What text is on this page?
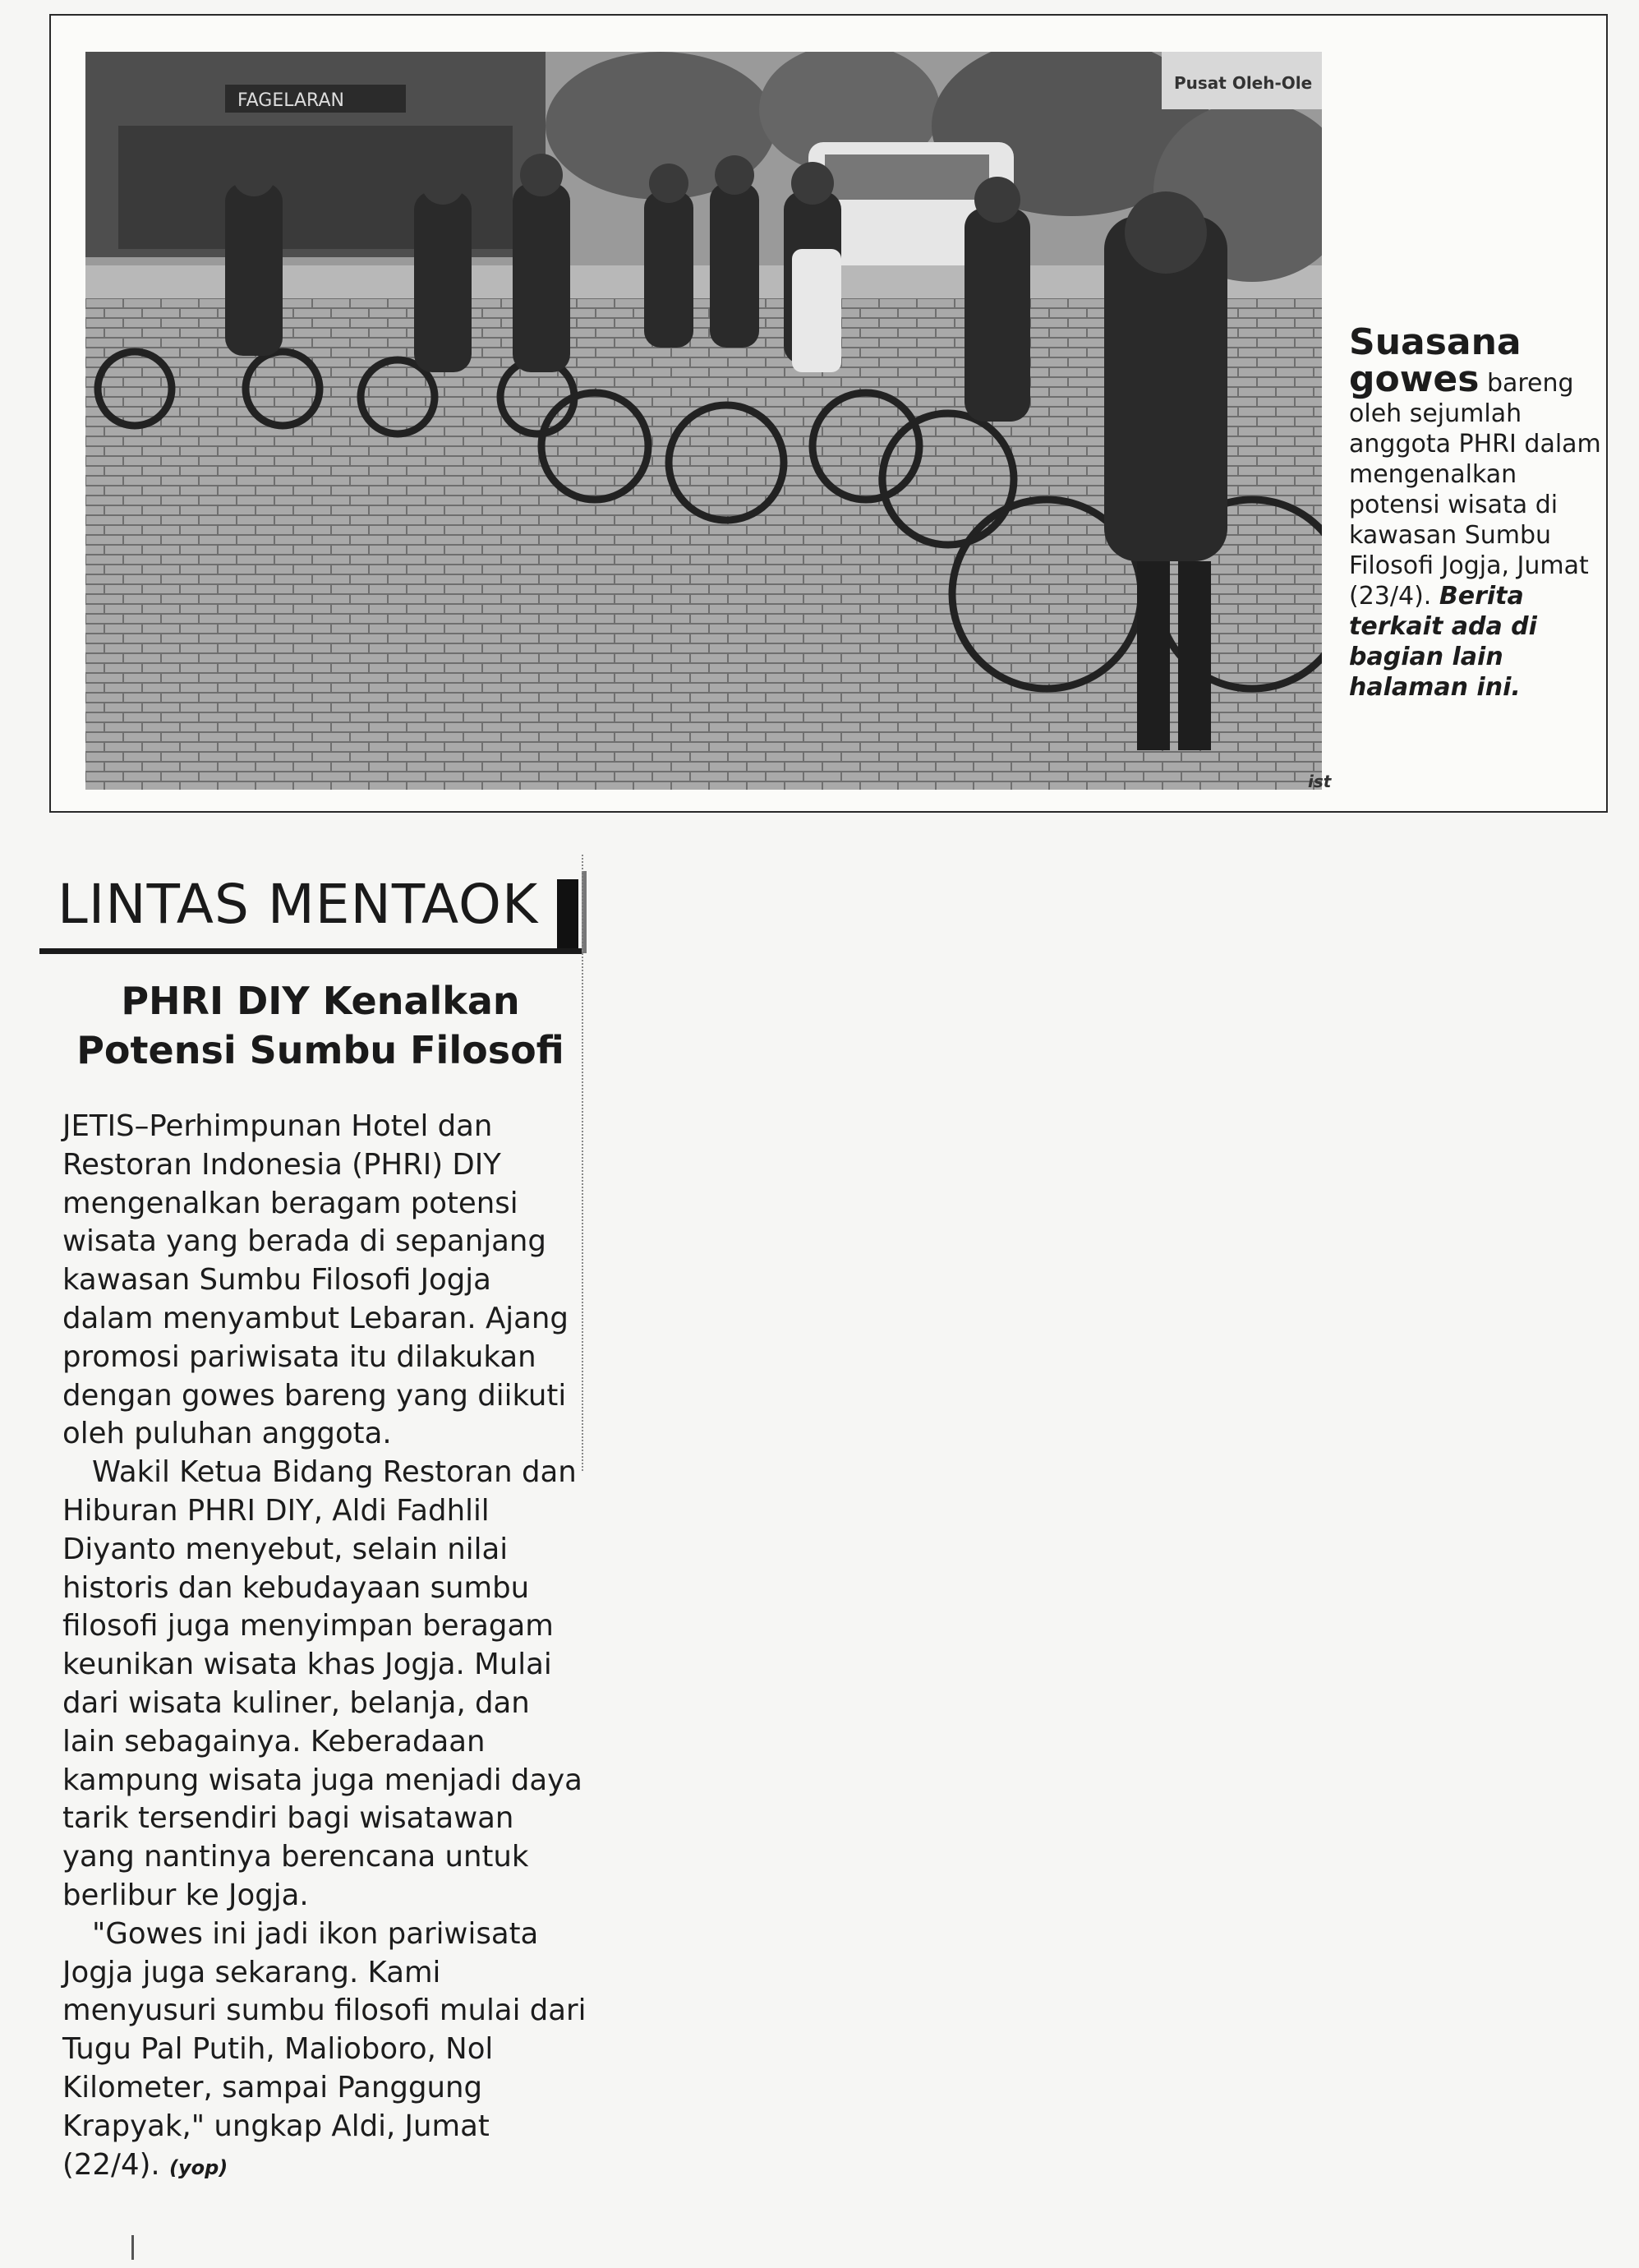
FAGELARAN
Pusat Oleh-Ole
ist
Suasana
gowes bareng oleh sejumlah anggota PHRI dalam mengenalkan potensi wisata di kawasan Sumbu Filosofi Jogja, Jumat (23/4). Berita terkait ada di bagian lain halaman ini.
LINTAS MENTAOK
PHRI DIY Kenalkan
Potensi Sumbu Filosofi

JETIS–Perhimpunan Hotel dan Restoran Indonesia (PHRI) DIY mengenalkan beragam potensi wisata yang berada di sepanjang kawasan Sumbu Filosofi Jogja dalam menyambut Lebaran. Ajang promosi pariwisata itu dilakukan dengan gowes bareng yang diikuti oleh puluhan anggota.

Wakil Ketua Bidang Restoran dan Hiburan PHRI DIY, Aldi Fadhlil Diyanto menyebut, selain nilai historis dan kebudayaan sumbu filosofi juga menyimpan beragam keunikan wisata khas Jogja. Mulai dari wisata kuliner, belanja, dan lain sebagainya. Keberadaan kampung wisata juga menjadi daya tarik tersendiri bagi wisatawan yang nantinya berencana untuk berlibur ke Jogja.

"Gowes ini jadi ikon pariwisata Jogja juga sekarang. Kami menyusuri sumbu filosofi mulai dari Tugu Pal Putih, Malioboro, Nol Kilometer, sampai Panggung Krapyak," ungkap Aldi, Jumat (22/4). (yop)
